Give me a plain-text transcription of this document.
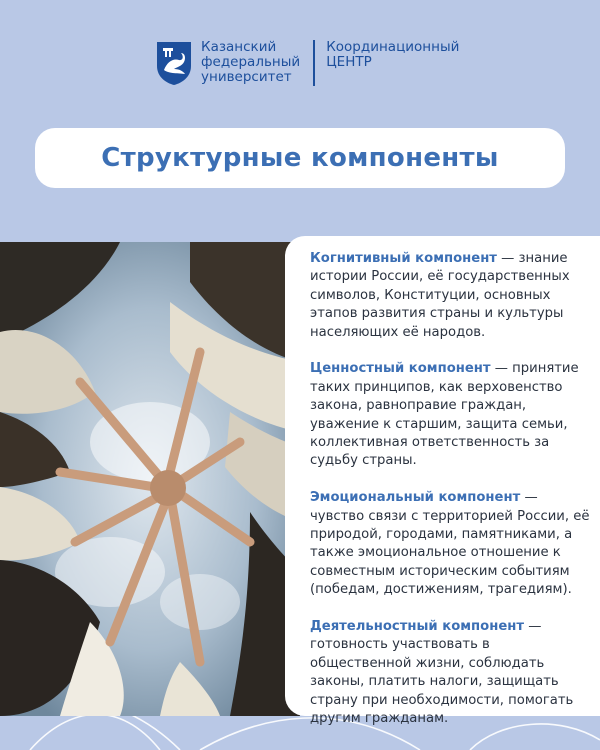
Казанский
федеральный
университет
Координационный
ЦЕНТР
Структурные компоненты

Когнитивный компонент — знание истории России, её государственных символов, Конституции, основных этапов развития страны и культуры населяющих её народов.

Ценностный компонент — принятие таких принципов, как верховенство закона, равноправие граждан, уважение к старшим, защита семьи, коллективная ответственность за судьбу страны.

Эмоциональный компонент — чувство связи с территорией России, её природой, городами, памятниками, а также эмоциональное отношение к совместным историческим событиям (победам, достижениям, трагедиям).

Деятельностный компонент — готовность участвовать в общественной жизни, соблюдать законы, платить налоги, защищать страну при необходимости, помогать другим гражданам.
